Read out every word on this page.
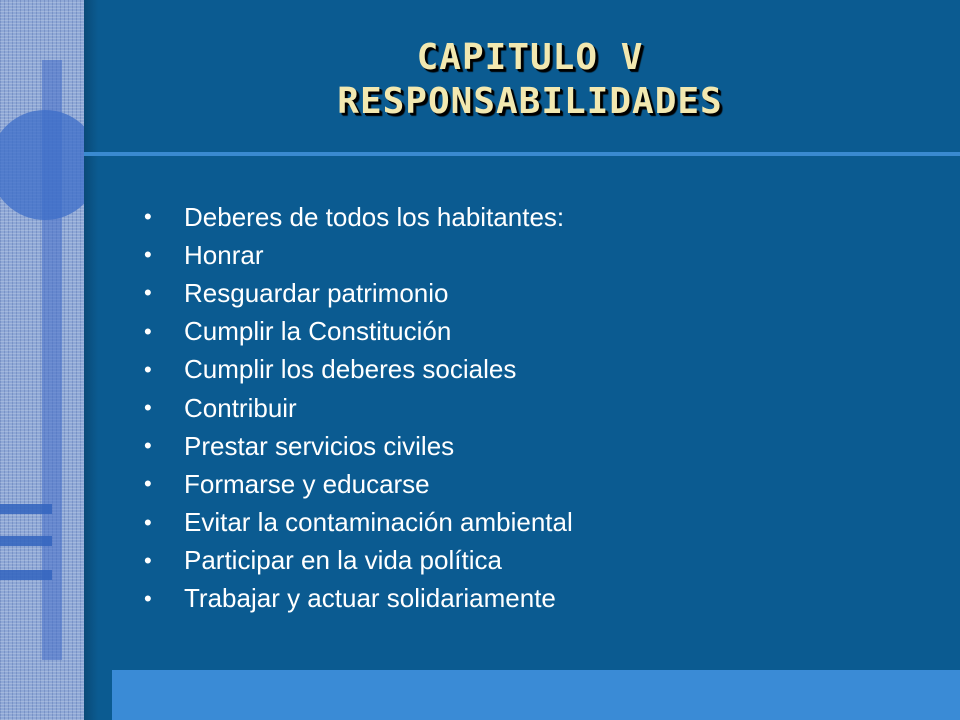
CAPITULO V
RESPONSABILIDADES
•	Deberes de todos los habitantes:
•	Honrar
•	Resguardar patrimonio
•	Cumplir la Constitución
•	Cumplir los deberes sociales
•	Contribuir
•	Prestar servicios civiles
•	Formarse y educarse
•	Evitar la contaminación ambiental
•	Participar en la vida política
•	Trabajar y actuar solidariamente
